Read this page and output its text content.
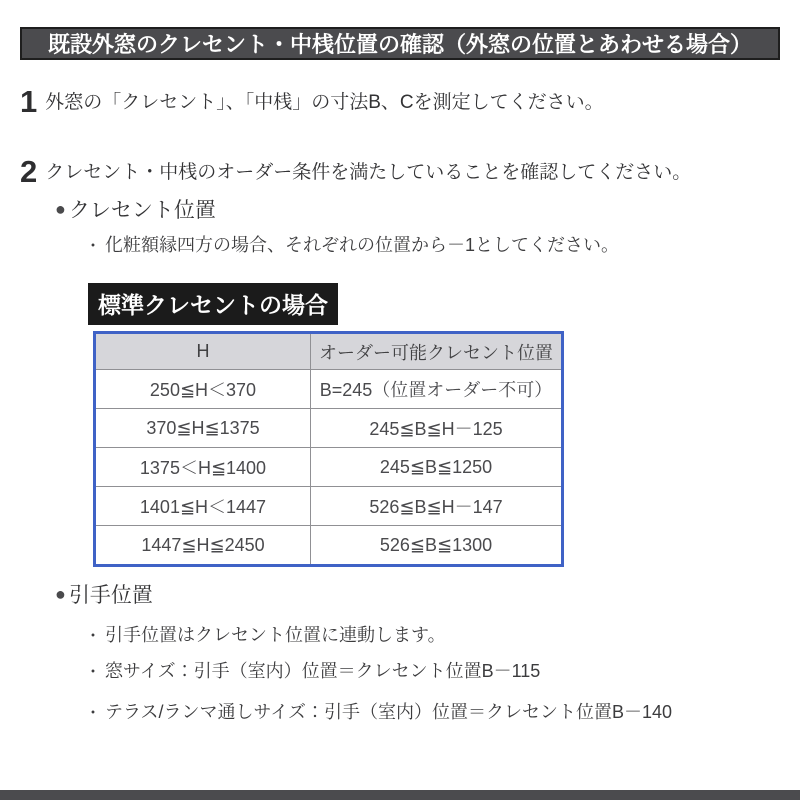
既設外窓のクレセント・中桟位置の確認（外窓の位置とあわせる場合）
1 外窓の「クレセント」、「中桟」の寸法B、Cを測定してください。
2 クレセント・中桟のオーダー条件を満たしていることを確認してください。
● クレセント位置
・ 化粧額縁四方の場合、それぞれの位置から－1としてください。
標準クレセントの場合
H	オーダー可能クレセント位置
250≦H＜370	B=245（位置オーダー不可）
370≦H≦1375	245≦B≦H－125
1375＜H≦1400	245≦B≦1250
1401≦H＜1447	526≦B≦H－147
1447≦H≦2450	526≦B≦1300
● 引手位置
・ 引手位置はクレセント位置に連動します。
・ 窓サイズ：引手（室内）位置＝クレセント位置B－115
・ テラス/ランマ通しサイズ：引手（室内）位置＝クレセント位置B－140
